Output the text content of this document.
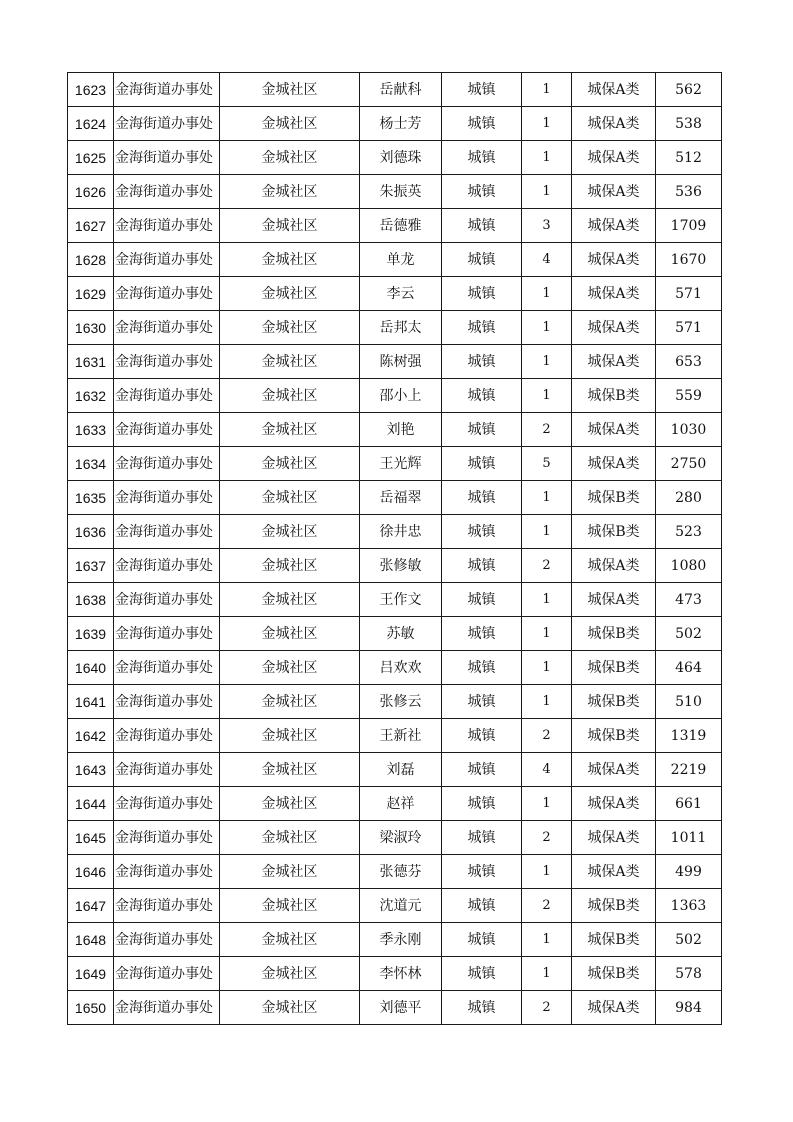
1623	金海街道办事处	金城社区	岳献科	城镇	1	城保A类	562
1624	金海街道办事处	金城社区	杨士芳	城镇	1	城保A类	538
1625	金海街道办事处	金城社区	刘德珠	城镇	1	城保A类	512
1626	金海街道办事处	金城社区	朱振英	城镇	1	城保A类	536
1627	金海街道办事处	金城社区	岳德雅	城镇	3	城保A类	1709
1628	金海街道办事处	金城社区	单龙	城镇	4	城保A类	1670
1629	金海街道办事处	金城社区	李云	城镇	1	城保A类	571
1630	金海街道办事处	金城社区	岳邦太	城镇	1	城保A类	571
1631	金海街道办事处	金城社区	陈树强	城镇	1	城保A类	653
1632	金海街道办事处	金城社区	邵小上	城镇	1	城保B类	559
1633	金海街道办事处	金城社区	刘艳	城镇	2	城保A类	1030
1634	金海街道办事处	金城社区	王光辉	城镇	5	城保A类	2750
1635	金海街道办事处	金城社区	岳福翠	城镇	1	城保B类	280
1636	金海街道办事处	金城社区	徐井忠	城镇	1	城保B类	523
1637	金海街道办事处	金城社区	张修敏	城镇	2	城保A类	1080
1638	金海街道办事处	金城社区	王作文	城镇	1	城保A类	473
1639	金海街道办事处	金城社区	苏敏	城镇	1	城保B类	502
1640	金海街道办事处	金城社区	吕欢欢	城镇	1	城保B类	464
1641	金海街道办事处	金城社区	张修云	城镇	1	城保B类	510
1642	金海街道办事处	金城社区	王新社	城镇	2	城保B类	1319
1643	金海街道办事处	金城社区	刘磊	城镇	4	城保A类	2219
1644	金海街道办事处	金城社区	赵祥	城镇	1	城保A类	661
1645	金海街道办事处	金城社区	梁淑玲	城镇	2	城保A类	1011
1646	金海街道办事处	金城社区	张德芬	城镇	1	城保A类	499
1647	金海街道办事处	金城社区	沈道元	城镇	2	城保B类	1363
1648	金海街道办事处	金城社区	季永刚	城镇	1	城保B类	502
1649	金海街道办事处	金城社区	李怀林	城镇	1	城保B类	578
1650	金海街道办事处	金城社区	刘德平	城镇	2	城保A类	984
